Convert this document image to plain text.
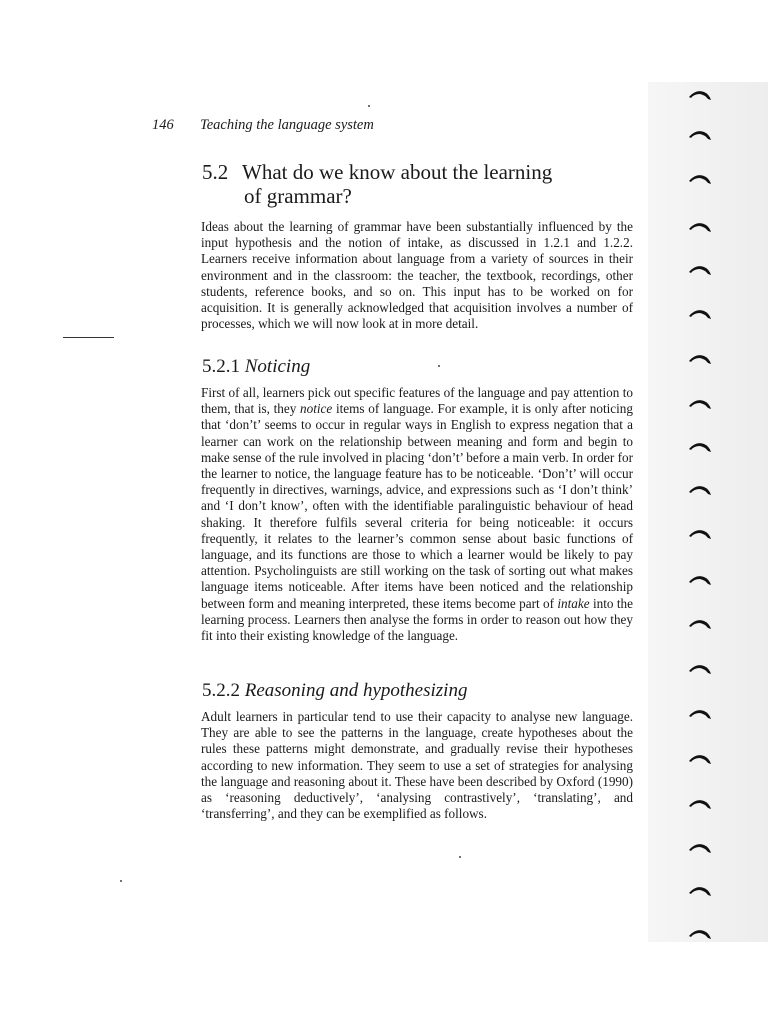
146 Teaching the language system
5.2 What do we know about the learning
of grammar?

Ideas about the learning of grammar have been substantially influenced by the input hypothesis and the notion of intake, as discussed in 1.2.1 and 1.2.2. Learners receive information about language from a variety of sources in their environment and in the classroom: the teacher, the textbook, recordings, other students, reference books, and so on. This input has to be worked on for acquisition. It is generally acknowledged that acquisition involves a number of processes, which we will now look at in more detail.

5.2.1 Noticing

First of all, learners pick out specific features of the language and pay attention to them, that is, they notice items of language. For example, it is only after noticing that ‘don’t’ seems to occur in regular ways in English to express negation that a learner can work on the relationship between meaning and form and begin to make sense of the rule involved in placing ‘don’t’ before a main verb. In order for the learner to notice, the language feature has to be noticeable. ‘Don’t’ will occur frequently in directives, warnings, advice, and expressions such as ‘I don’t think’ and ‘I don’t know’, often with the identifiable paralinguistic behaviour of head shaking. It therefore fulfils several criteria for being noticeable: it occurs frequently, it relates to the learner’s common sense about basic functions of language, and its functions are those to which a learner would be likely to pay attention. Psycholinguists are still working on the task of sorting out what makes language items noticeable. After items have been noticed and the relationship between form and meaning interpreted, these items become part of intake into the learning process. Learners then analyse the forms in order to reason out how they fit into their existing knowledge of the language.

5.2.2 Reasoning and hypothesizing

Adult learners in particular tend to use their capacity to analyse new language. They are able to see the patterns in the language, create hypotheses about the rules these patterns might demonstrate, and gradually revise their hypotheses according to new information. They seem to use a set of strategies for analysing the language and reasoning about it. These have been described by Oxford (1990) as ‘reasoning deductively’, ‘analysing contrastively’, ‘translating’, and ‘transferring’, and they can be exemplified as follows.
